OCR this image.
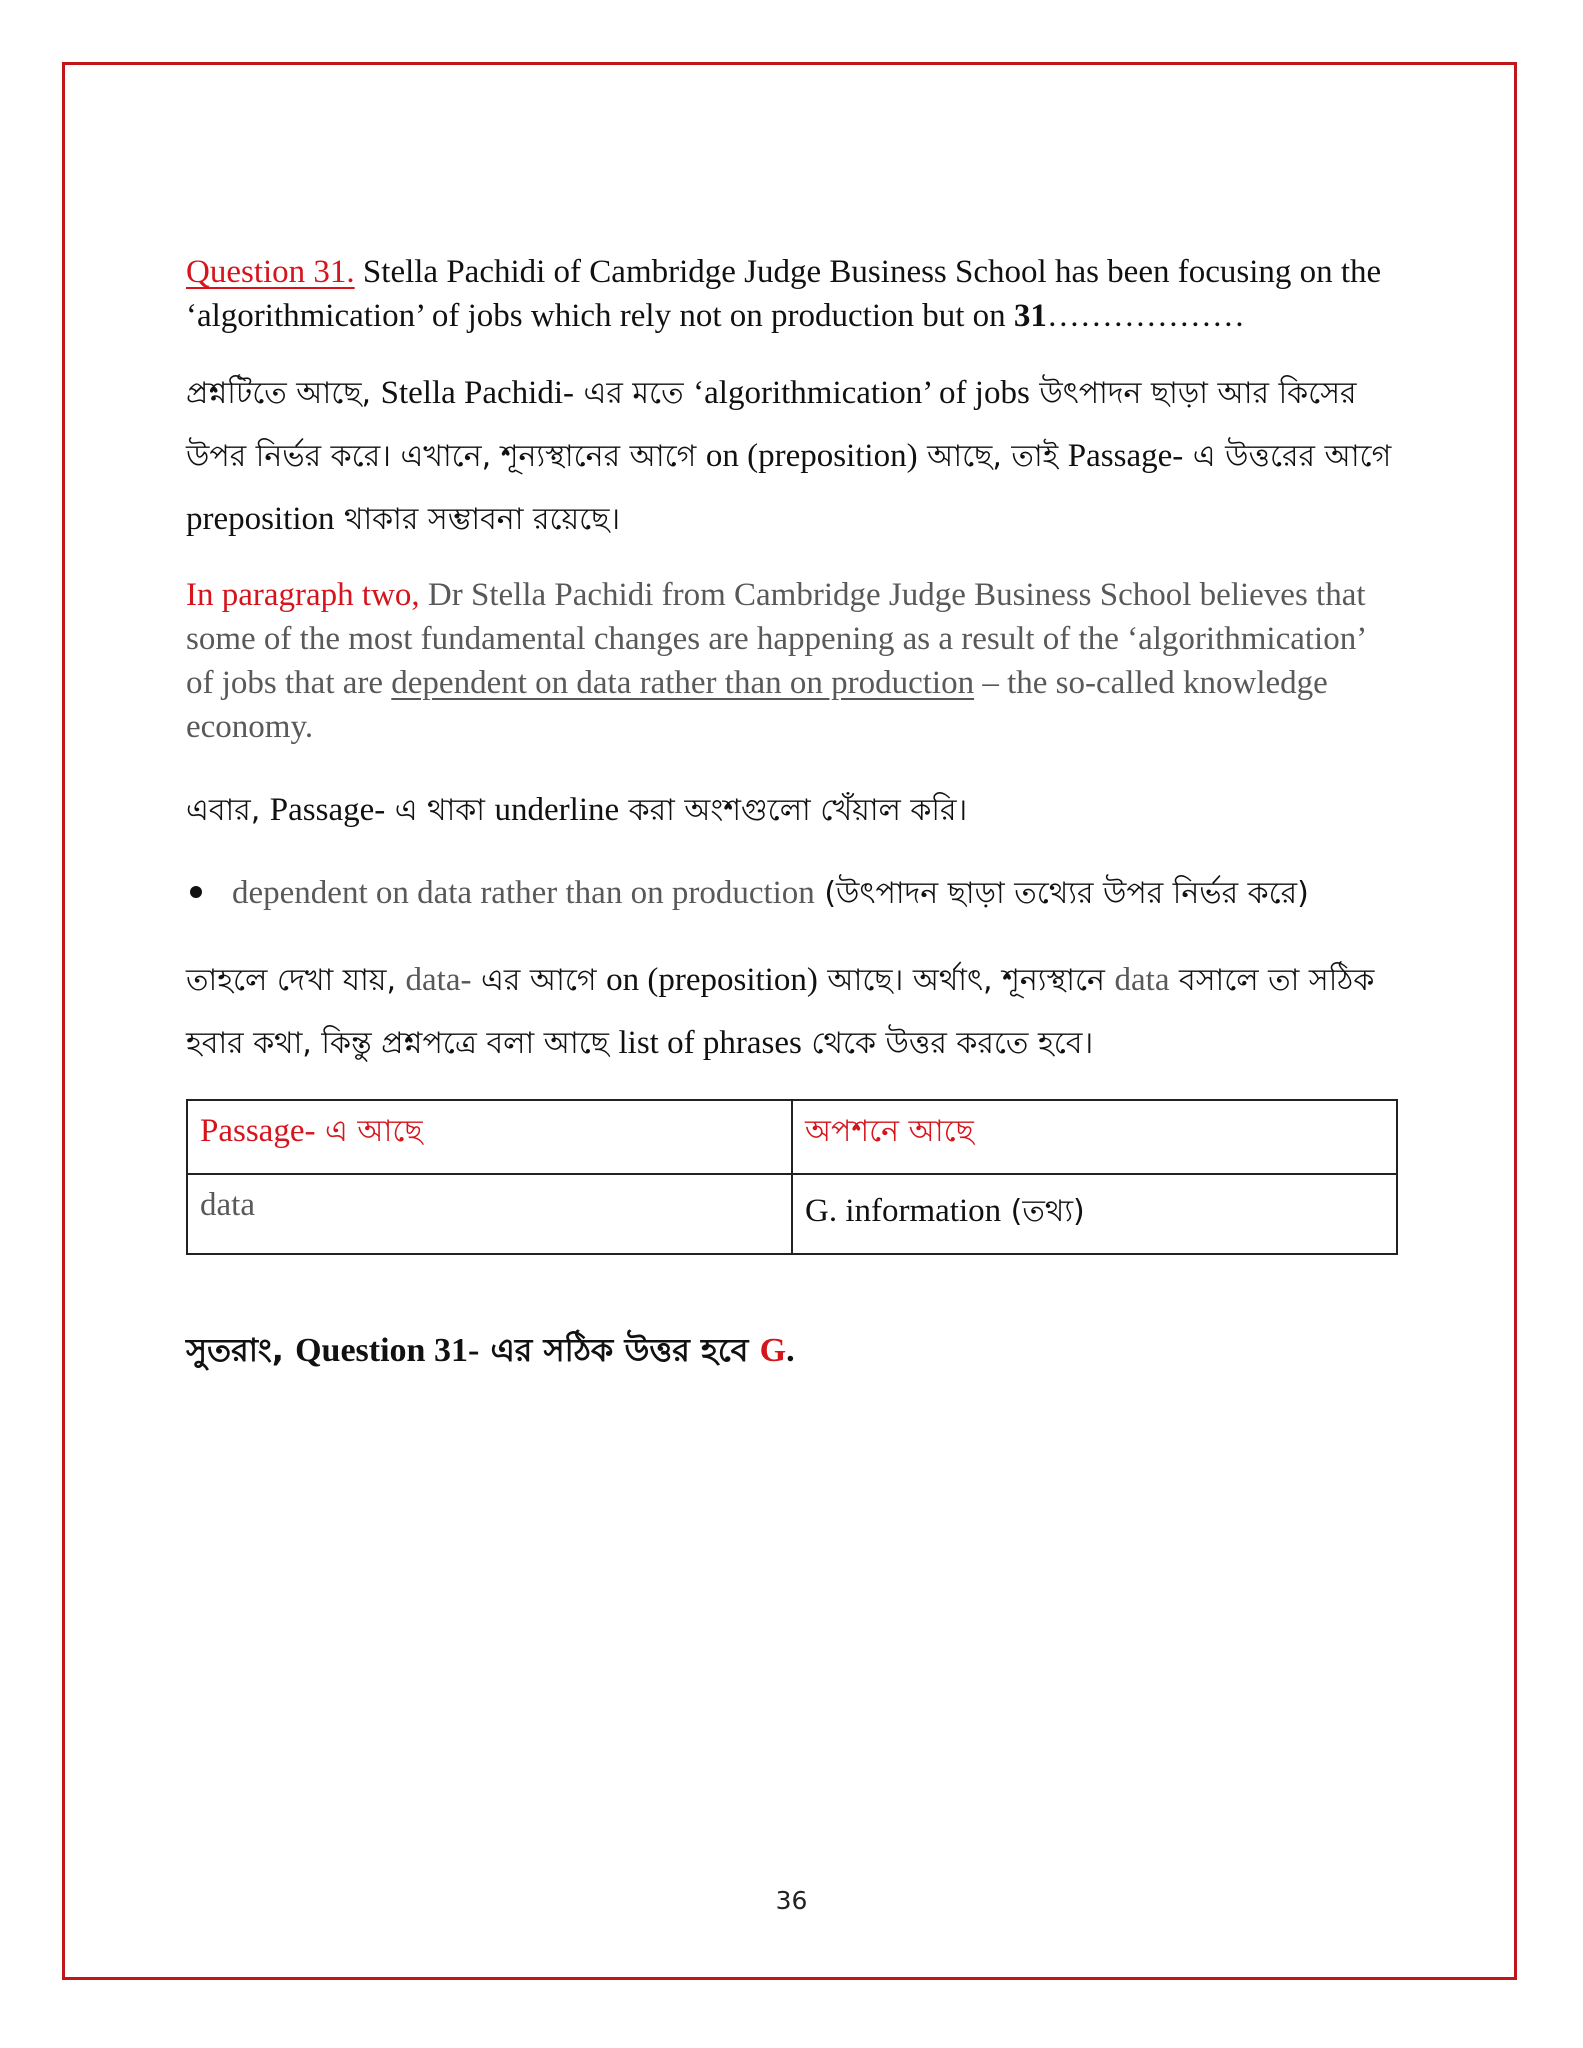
Question 31. Stella Pachidi of Cambridge Judge Business School has been focusing on the ‘algorithmication’ of jobs which rely not on production but on 31………………

প্রশ্নটিতে আছে, Stella Pachidi- এর মতে ‘algorithmication’ of jobs উৎপাদন ছাড়া আর কিসের উপর নির্ভর করে। এখানে, শূন্যস্থানের আগে on (preposition) আছে, তাই Passage- এ উত্তরের আগে preposition থাকার সম্ভাবনা রয়েছে।

In paragraph two, Dr Stella Pachidi from Cambridge Judge Business School believes that some of the most fundamental changes are happening as a result of the ‘algorithmication’ of jobs that are dependent on data rather than on production – the so-called knowledge economy.

এবার, Passage- এ থাকা underline করা অংশগুলো খেঁয়াল করি।

dependent on data rather than on production (উৎপাদন ছাড়া তথ্যের উপর নির্ভর করে)

তাহলে দেখা যায়, data- এর আগে on (preposition) আছে। অর্থাৎ, শূন্যস্থানে data বসালে তা সঠিক হবার কথা, কিন্তু প্রশ্নপত্রে বলা আছে list of phrases থেকে উত্তর করতে হবে।

Passage- এ আছে	অপশনে আছে
data	G. information (তথ্য)

সুতরাং, Question 31- এর সঠিক উত্তর হবে G.

36
